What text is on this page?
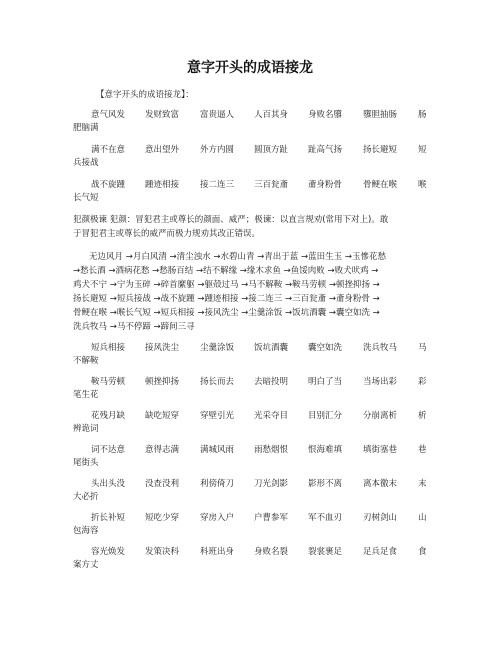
意字开头的成语接龙
【意字开头的成语接龙】：
意气风发 发财致富 富贵逼人 人百其身 身败名隳 隳胆抽肠 肠
肥脑满
满不在意 意出望外 外方内圆 圆顶方趾 趾高气扬 扬长避短 短
兵接战
战不旋踵 踵迹相接 接二连三 三百瓮齑 齑身粉骨 骨鲠在喉 喉
长气短
犯颜极谏 犯颜：冒犯君主或尊长的颜面、威严；极谏：以直言规劝(常用下对上)。敢
于冒犯君主或尊长的威严而极力规劝其改正错误。
无边风月 →月白风清 →清尘浊水 →水碧山青 →青出于蓝 →蓝田生玉 →玉慘花愁
→愁长酒 →酒病花愁 →愁肠百结 →结不解缘 →缘木求鱼 →鱼馁肉败 →败犬吠鸡 →
鸡犬不宁 →宁为玉碎 →碎首縻躯 →躯殻过马 →马不解鞍 →鞍马劳顿 →顿挫抑扬 →
扬长避短 →短兵接战 →战不旋踵 →踵迹相接 →接二连三 →三百瓮齑 →齑身粉骨 →
骨鲠在喉 →喉长气短 →短兵相接 →接风洗尘 →尘羹涂饭 →饭坑酒囊 →囊空如洗 →
洗兵牧马 →马不停蹄 →蹄间三寻
短兵相接 接风洗尘 尘羹涂饭 饭坑酒囊 囊空如洗 洗兵牧马 马
不解鞍
鞍马劳顿 顿挫抑扬 扬长而去 去暗投明 明白了当 当场出彩 彩
笔生花
花残月缺 缺吃短穿 穿壁引光 光采夺目 目别汇分 分崩离析 析
辨诡词
词不达意 意得志满 满城风雨 雨愁烟恨 恨海难填 填街塞巷 巷
尾街头
头出头没 没查没利 利傍倚刀 刀光剑影 影形不离 离本徼末 末
大必折
折长补短 短吃少穿 穿房入户 户曹参军 军不血刃 刃树剑山 山
包海容
容光焕发 发策决科 科班出身 身败名裂 裂裳裹足 足兵足食 食
案方丈
